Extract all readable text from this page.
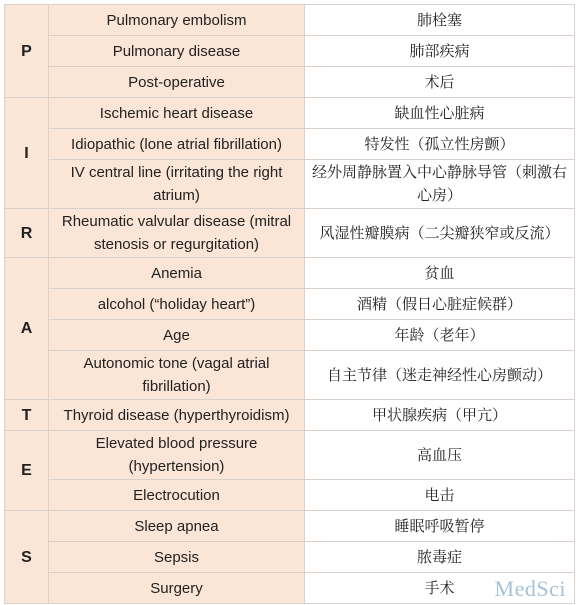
P	Pulmonary embolism	肺栓塞
	Pulmonary disease	肺部疾病
	Post-operative	术后
I	Ischemic heart disease	缺血性心脏病
	Idiopathic (lone atrial fibrillation)	特发性（孤立性房颤）
	IV central line (irritating the right atrium)	经外周静脉置入中心静脉导管（刺激右心房）
R	Rheumatic valvular disease (mitral stenosis or regurgitation)	风湿性瓣膜病（二尖瓣狭窄或反流）
A	Anemia	贫血
	alcohol (“holiday heart”)	酒精（假日心脏症候群）
	Age	年龄（老年）
	Autonomic tone (vagal atrial fibrillation)	自主节律（迷走神经性心房颤动）
T	Thyroid disease (hyperthyroidism)	甲状腺疾病（甲亢）
E	Elevated blood pressure (hypertension)	高血压
	Electrocution	电击
S	Sleep apnea	睡眠呼吸暂停
	Sepsis	脓毒症
	Surgery	手术 MedSci
